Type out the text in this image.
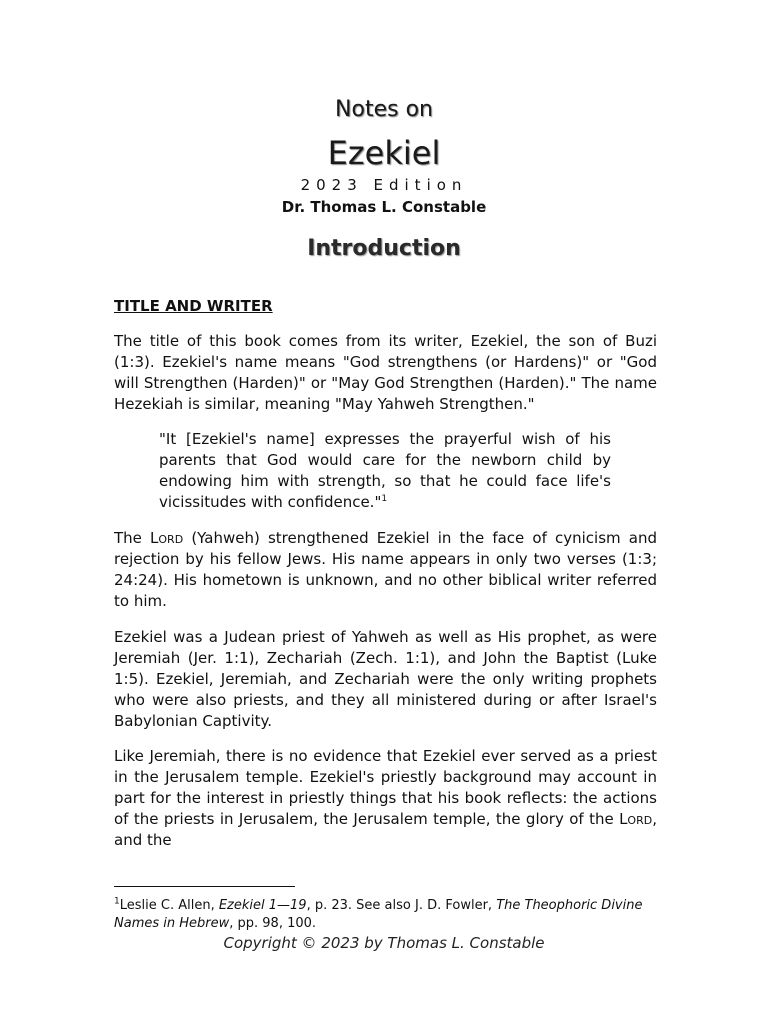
Notes on
Ezekiel
2023 Edition
Dr. Thomas L. Constable
Introduction
TITLE AND WRITER

The title of this book comes from its writer, Ezekiel, the son of Buzi (1:3). Ezekiel's name means "God strengthens (or Hardens)" or "God will Strengthen (Harden)" or "May God Strengthen (Harden)." The name Hezekiah is similar, meaning "May Yahweh Strengthen."

"It [Ezekiel's name] expresses the prayerful wish of his parents that God would care for the newborn child by endowing him with strength, so that he could face life's vicissitudes with confidence."$^1$

The Lord (Yahweh) strengthened Ezekiel in the face of cynicism and rejection by his fellow Jews. His name appears in only two verses (1:3; 24:24). His hometown is unknown, and no other biblical writer referred to him.

Ezekiel was a Judean priest of Yahweh as well as His prophet, as were Jeremiah (Jer. 1:1), Zechariah (Zech. 1:1), and John the Baptist (Luke 1:5). Ezekiel, Jeremiah, and Zechariah were the only writing prophets who were also priests, and they all ministered during or after Israel's Babylonian Captivity.

Like Jeremiah, there is no evidence that Ezekiel ever served as a priest in the Jerusalem temple. Ezekiel's priestly background may account in part for the interest in priestly things that his book reflects: the actions of the priests in Jerusalem, the Jerusalem temple, the glory of the Lord, and the

$^1$Leslie C. Allen, Ezekiel 1—19, p. 23. See also J. D. Fowler, The Theophoric Divine Names in Hebrew, pp. 98, 100.

Copyright © 2023 by Thomas L. Constable
